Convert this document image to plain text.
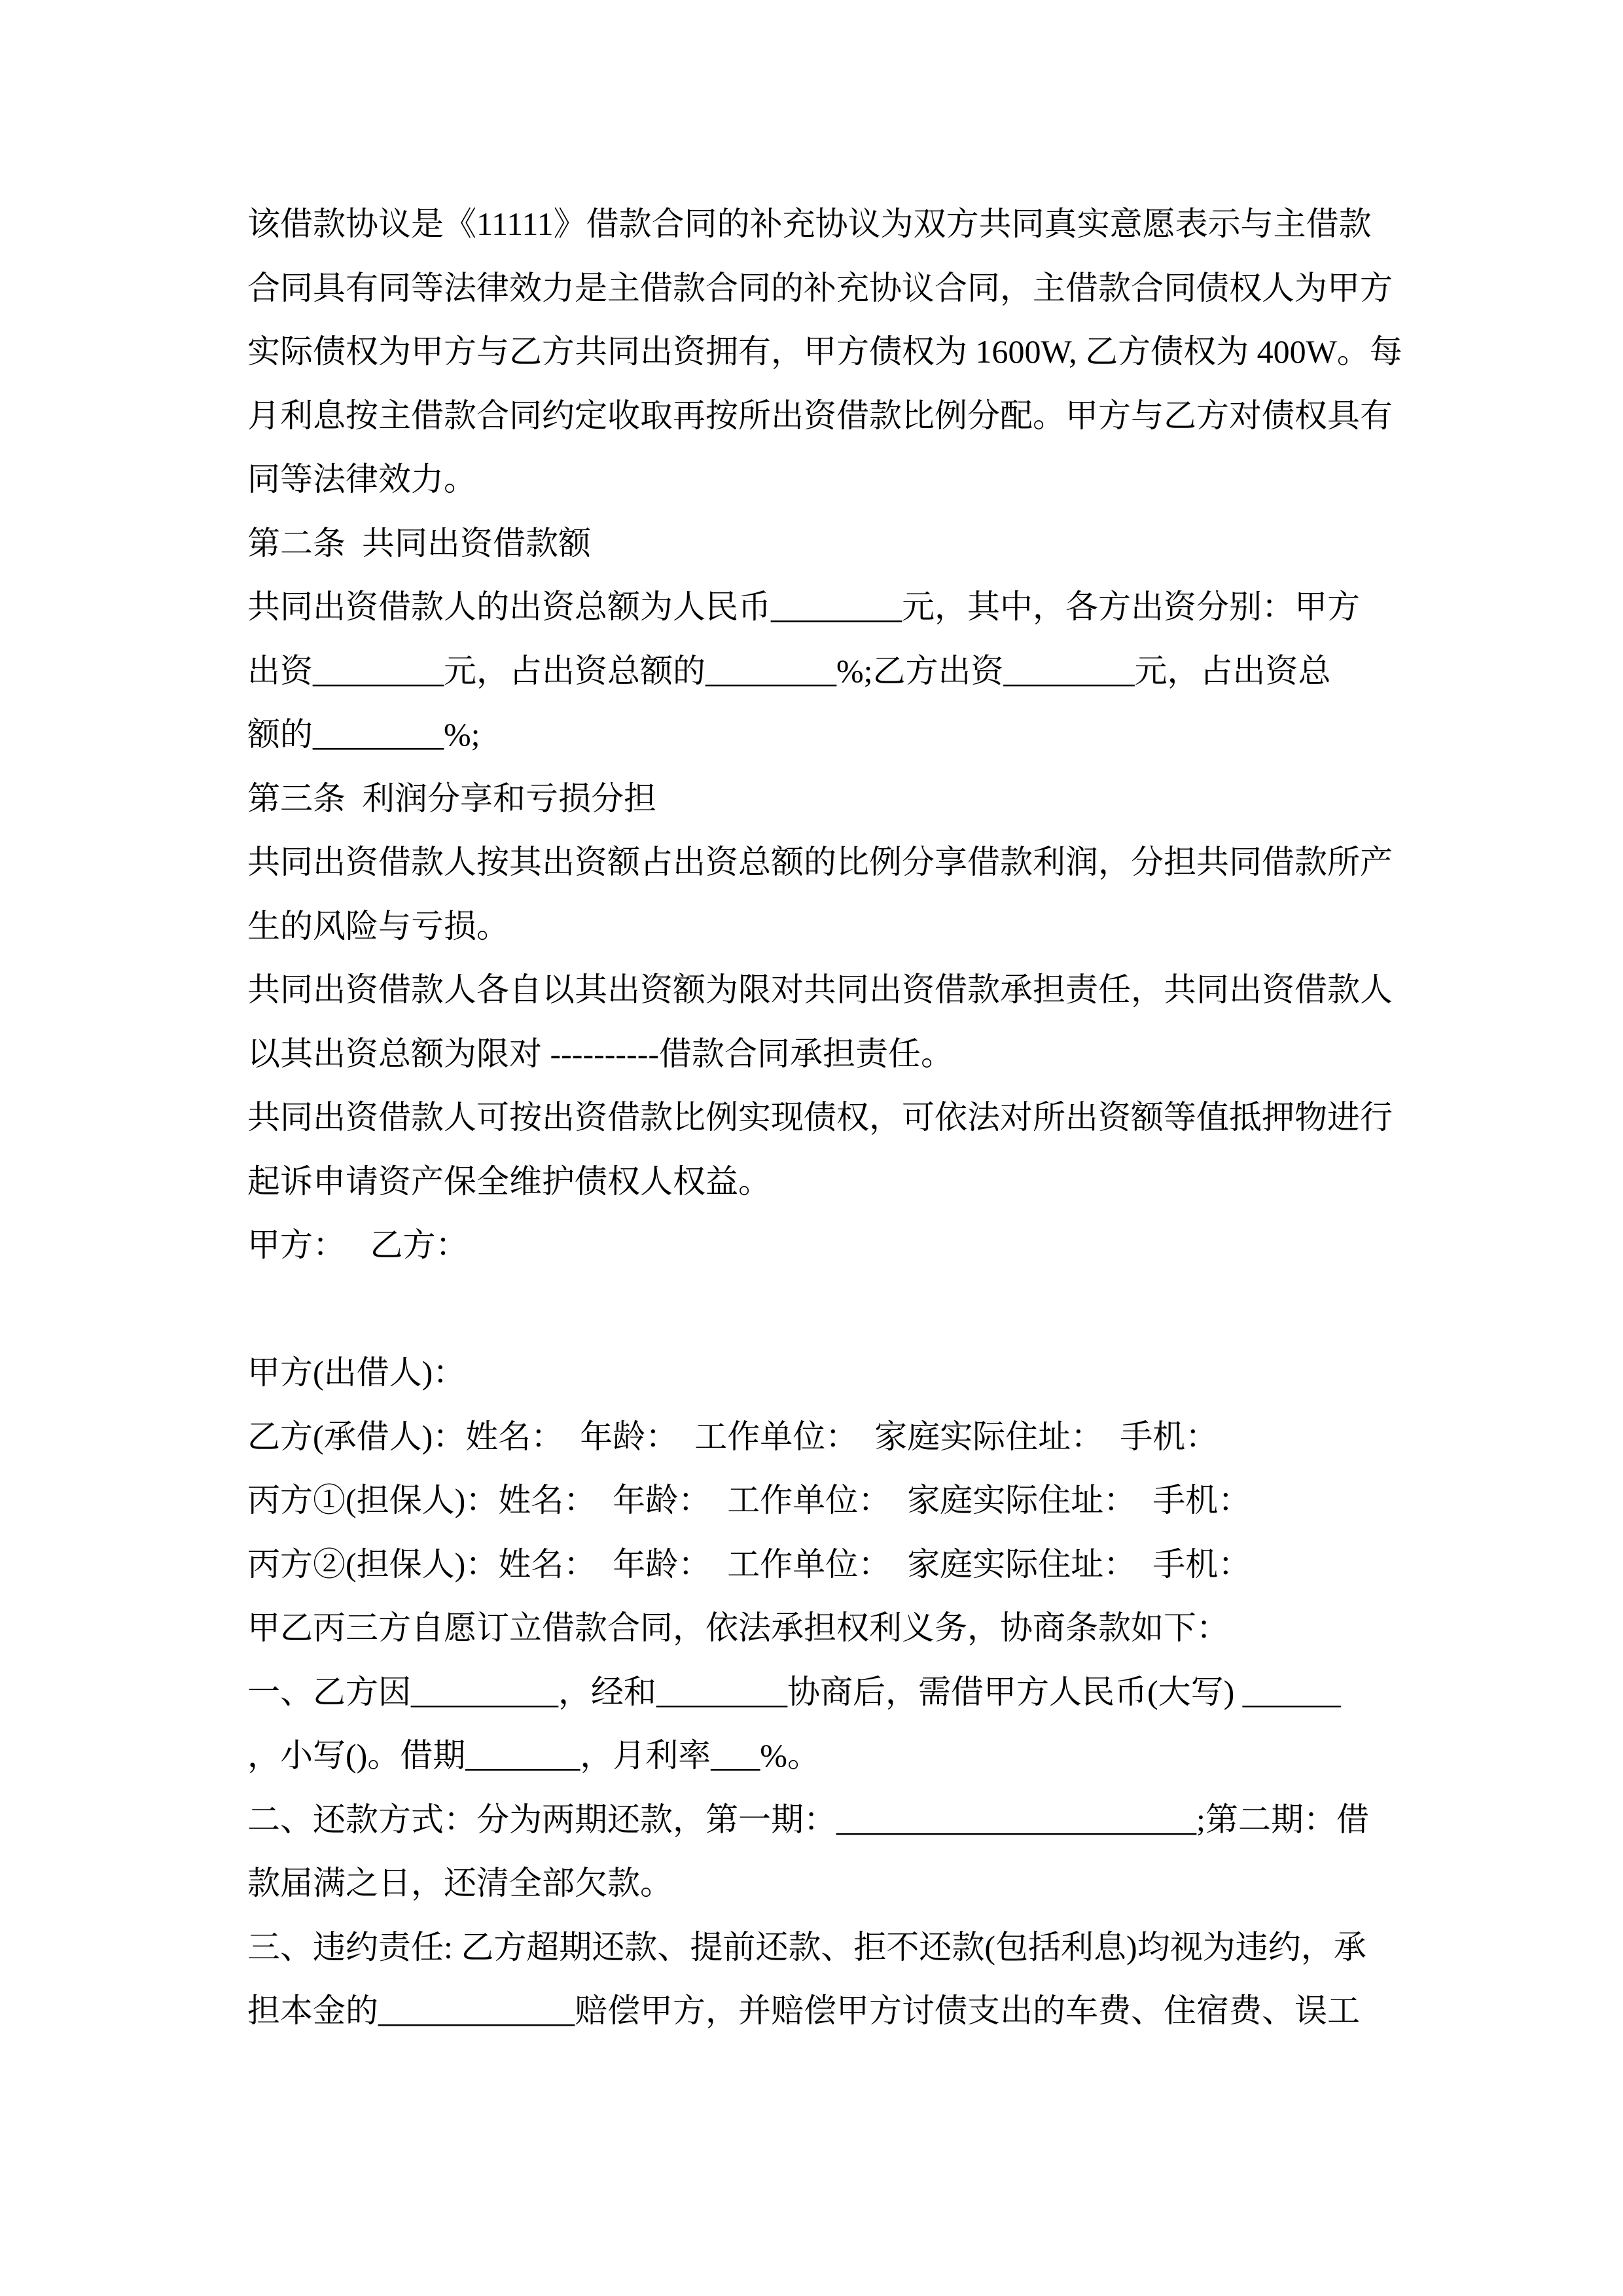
该借款协议是《11111》借款合同的补充协议为双方共同真实意愿表示与主借款
合同具有同等法律效力是主借款合同的补充协议合同，主借款合同债权人为甲方
实际债权为甲方与乙方共同出资拥有，甲方债权为 1600W, 乙方债权为 400W。每
月利息按主借款合同约定收取再按所出资借款比例分配。甲方与乙方对债权具有
同等法律效力。
第二条  共同出资借款额
共同出资借款人的出资总额为人民币________元，其中，各方出资分别：甲方
出资________元，占出资总额的________%;乙方出资________元，占出资总
额的________%;
第三条  利润分享和亏损分担
共同出资借款人按其出资额占出资总额的比例分享借款利润，分担共同借款所产
生的风险与亏损。
共同出资借款人各自以其出资额为限对共同出资借款承担责任，共同出资借款人
以其出资总额为限对 ----------借款合同承担责任。
共同出资借款人可按出资借款比例实现债权，可依法对所出资额等值抵押物进行
起诉申请资产保全维护债权人权益。
甲方：   乙方：
甲方(出借人)：
乙方(承借人)：姓名：  年龄：  工作单位：  家庭实际住址：  手机：
丙方①(担保人)：姓名：  年龄：  工作单位：  家庭实际住址：  手机：
丙方②(担保人)：姓名：  年龄：  工作单位：  家庭实际住址：  手机：
甲乙丙三方自愿订立借款合同，依法承担权利义务，协商条款如下：
一、乙方因_________，经和________协商后，需借甲方人民币(大写) ______
，小写()。借期_______，月利率___%。
二、还款方式：分为两期还款，第一期：______________________;第二期：借
款届满之日，还清全部欠款。
三、违约责任: 乙方超期还款、提前还款、拒不还款(包括利息)均视为违约，承
担本金的____________赔偿甲方，并赔偿甲方讨债支出的车费、住宿费、误工
